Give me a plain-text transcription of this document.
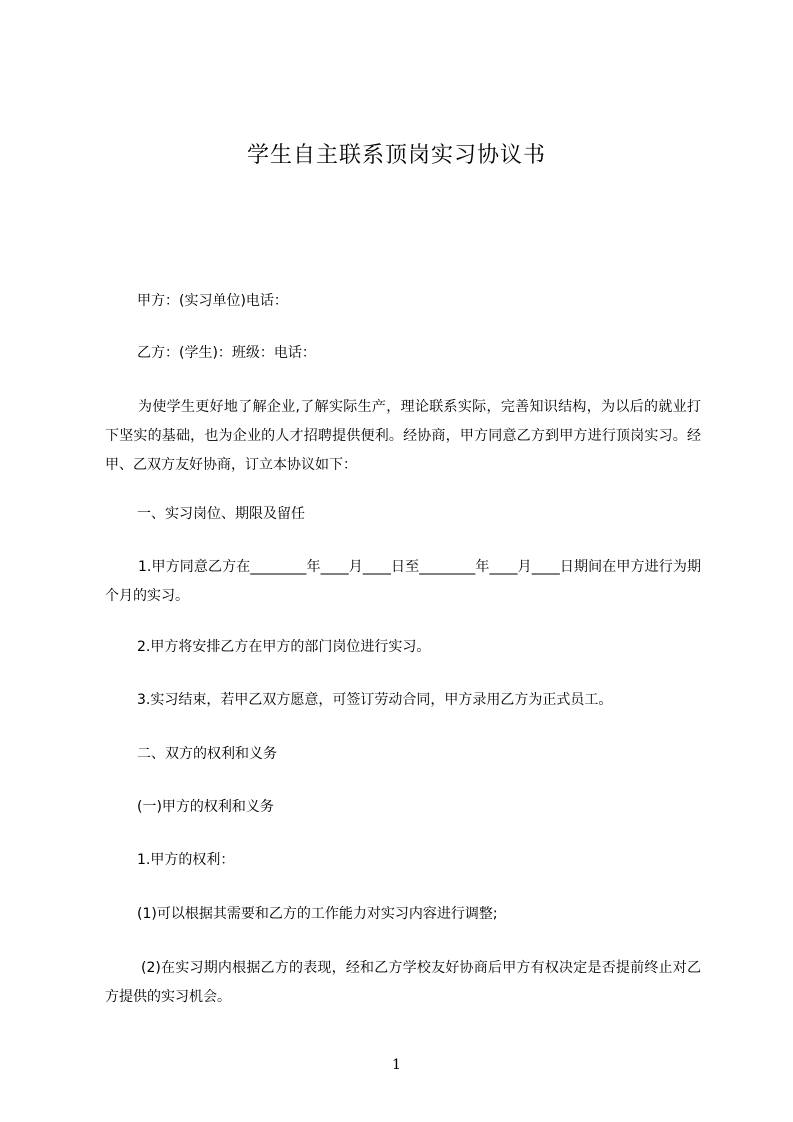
学生自主联系顶岗实习协议书
甲方：(实习单位)电话：
乙方：(学生)：班级：电话：
为使学生更好地了解企业,了解实际生产，理论联系实际，完善知识结构，为以后的就业打下坚实的基础，也为企业的人才招聘提供便利。经协商，甲方同意乙方到甲方进行顶岗实习。经甲、乙双方友好协商，订立本协议如下：
一、实习岗位、期限及留任
1.甲方同意乙方在________年____月____日至________年____月____日期间在甲方进行为期个月的实习。
2.甲方将安排乙方在甲方的部门岗位进行实习。
3.实习结束，若甲乙双方愿意，可签订劳动合同，甲方录用乙方为正式员工。
二、双方的权利和义务
(一)甲方的权利和义务
1.甲方的权利：
(1)可以根据其需要和乙方的工作能力对实习内容进行调整;
(2)在实习期内根据乙方的表现，经和乙方学校友好协商后甲方有权决定是否提前终止对乙方提供的实习机会。
1
